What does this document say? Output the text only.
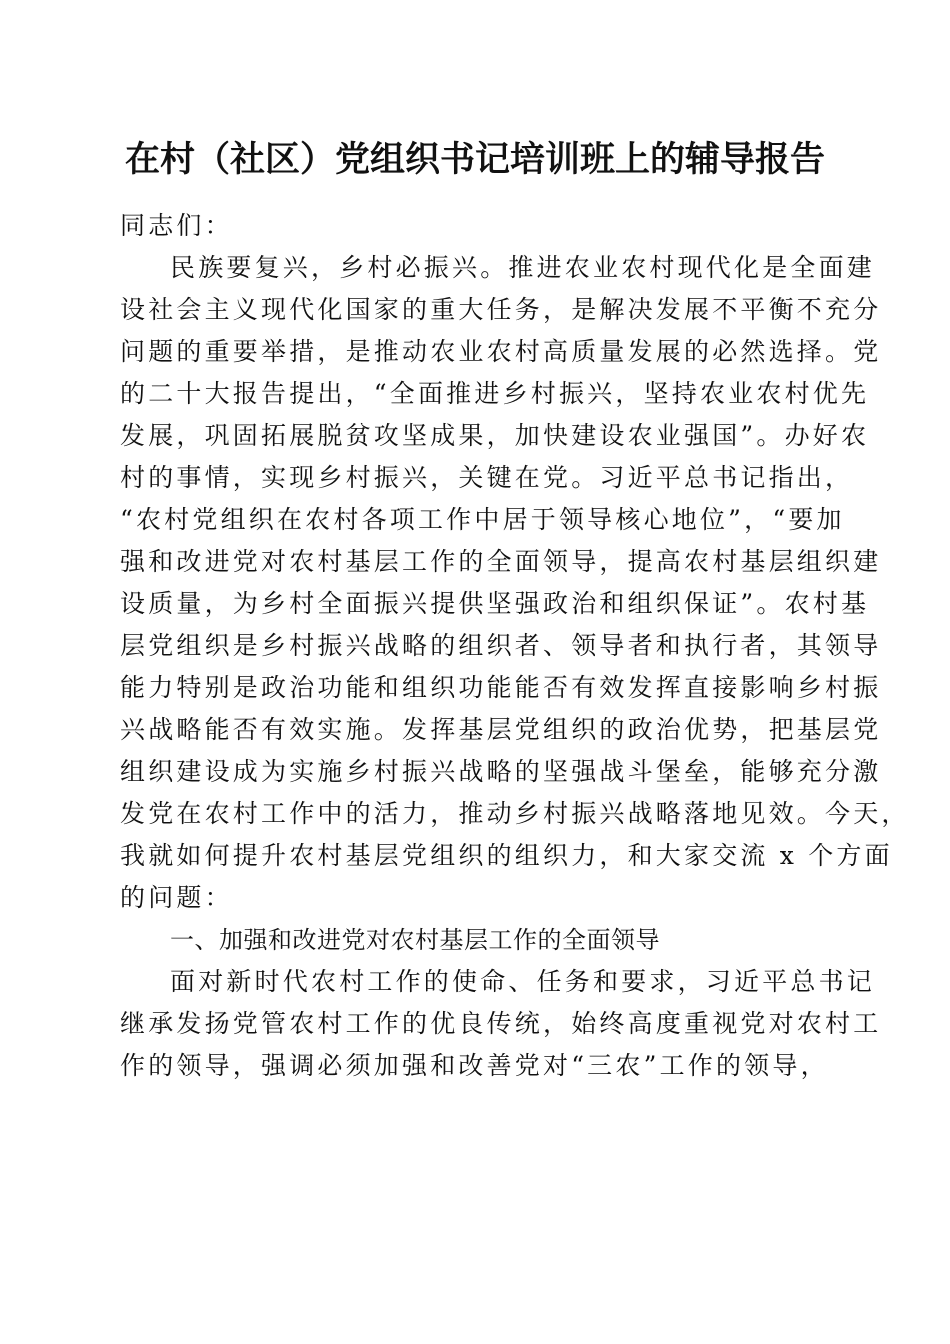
在村（社区）党组织书记培训班上的辅导报告
同志们：
民族要复兴，乡村必振兴。推进农业农村现代化是全面建
设社会主义现代化国家的重大任务，是解决发展不平衡不充分
问题的重要举措，是推动农业农村高质量发展的必然选择。党
的二十大报告提出，“全面推进乡村振兴，坚持农业农村优先
发展，巩固拓展脱贫攻坚成果，加快建设农业强国”。办好农
村的事情，实现乡村振兴，关键在党。习近平总书记指出，
“农村党组织在农村各项工作中居于领导核心地位”，“要加
强和改进党对农村基层工作的全面领导，提高农村基层组织建
设质量，为乡村全面振兴提供坚强政治和组织保证”。农村基
层党组织是乡村振兴战略的组织者、领导者和执行者，其领导
能力特别是政治功能和组织功能能否有效发挥直接影响乡村振
兴战略能否有效实施。发挥基层党组织的政治优势，把基层党
组织建设成为实施乡村振兴战略的坚强战斗堡垒，能够充分激
发党在农村工作中的活力，推动乡村振兴战略落地见效。今天，
我就如何提升农村基层党组织的组织力，和大家交流 x 个方面
的问题：
一、加强和改进党对农村基层工作的全面领导
面对新时代农村工作的使命、任务和要求，习近平总书记
继承发扬党管农村工作的优良传统，始终高度重视党对农村工
作的领导，强调必须加强和改善党对“三农”工作的领导，
